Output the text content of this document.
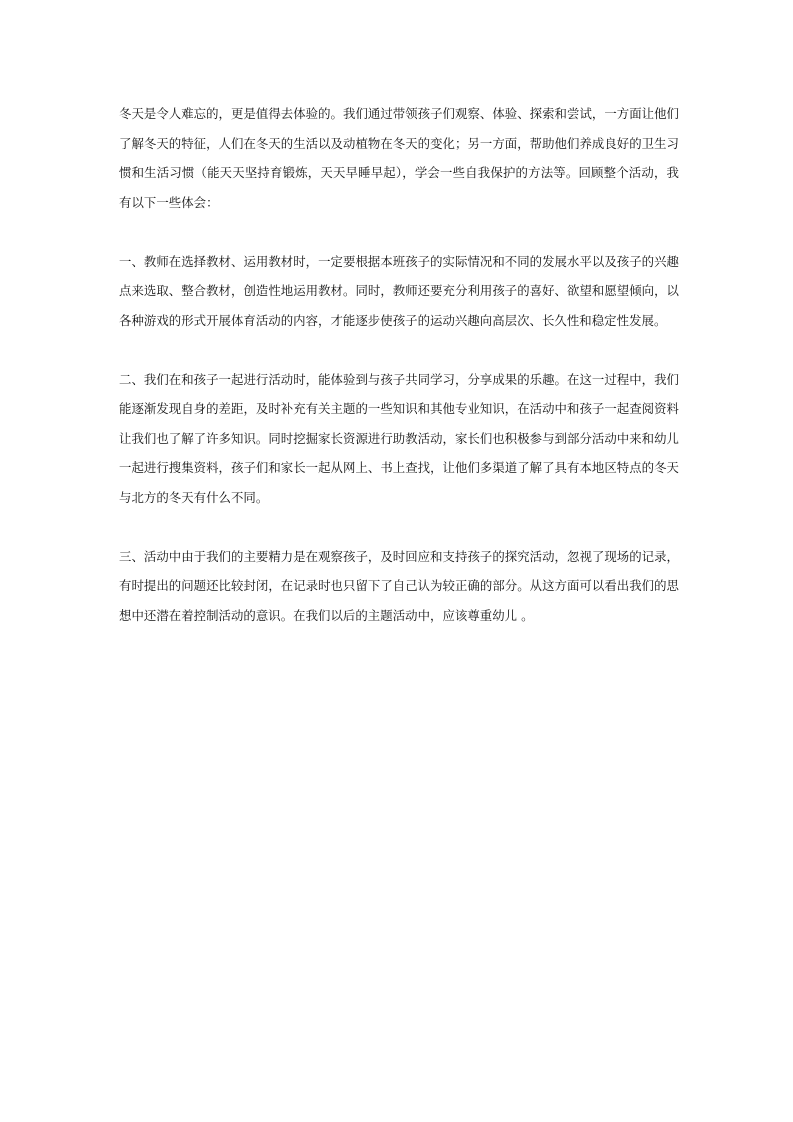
冬天是令人难忘的，更是值得去体验的。我们通过带领孩子们观察、体验、探索和尝试，一方面让他们了解冬天的特征，人们在冬天的生活以及动植物在冬天的变化；另一方面，帮助他们养成良好的卫生习惯和生活习惯（能天天坚持育锻炼，天天早睡早起），学会一些自我保护的方法等。回顾整个活动，我有以下一些体会：

一、教师在选择教材、运用教材时，一定要根据本班孩子的实际情况和不同的发展水平以及孩子的兴趣点来选取、整合教材，创造性地运用教材。同时，教师还要充分利用孩子的喜好、欲望和愿望倾向，以各种游戏的形式开展体育活动的内容，才能逐步使孩子的运动兴趣向高层次、长久性和稳定性发展。

二、我们在和孩子一起进行活动时，能体验到与孩子共同学习，分享成果的乐趣。在这一过程中，我们能逐渐发现自身的差距，及时补充有关主题的一些知识和其他专业知识，在活动中和孩子一起查阅资料让我们也了解了许多知识。同时挖掘家长资源进行助教活动，家长们也积极参与到部分活动中来和幼儿一起进行搜集资料，孩子们和家长一起从网上、书上查找，让他们多渠道了解了具有本地区特点的冬天与北方的冬天有什么不同。

三、活动中由于我们的主要精力是在观察孩子，及时回应和支持孩子的探究活动，忽视了现场的记录，有时提出的问题还比较封闭，在记录时也只留下了自己认为较正确的部分。从这方面可以看出我们的思想中还潜在着控制活动的意识。在我们以后的主题活动中，应该尊重幼儿 。
